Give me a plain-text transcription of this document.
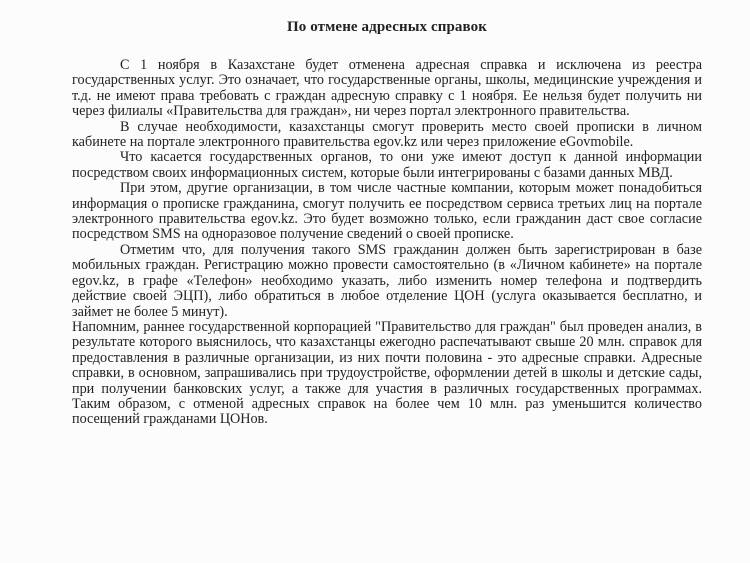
По отмене адресных справок

С 1 ноября в Казахстане будет отменена адресная справка и исключена из реестра государственных услуг. Это означает, что государственные органы, школы, медицинские учреждения и т.д. не имеют права требовать с граждан адресную справку с 1 ноября. Ее нельзя будет получить ни через филиалы «Правительства для граждан», ни через портал электронного правительства.

В случае необходимости, казахстанцы смогут проверить место своей прописки в личном кабинете на портале электронного правительства egov.kz или через приложение eGovmobile.

Что касается государственных органов, то они уже имеют доступ к данной информации посредством своих информационных систем, которые были интегрированы с базами данных МВД.

При этом, другие организации, в том числе частные компании, которым может понадобиться информация о прописке гражданина, смогут получить ее посредством сервиса третьих лиц на портале электронного правительства egov.kz. Это будет возможно только, если гражданин даст свое согласие посредством SMS на одноразовое получение сведений о своей прописке.

Отметим что, для получения такого SMS гражданин должен быть зарегистрирован в базе мобильных граждан. Регистрацию можно провести самостоятельно (в «Личном кабинете» на портале egov.kz, в графе «Телефон» необходимо указать, либо изменить номер телефона и подтвердить действие своей ЭЦП), либо обратиться в любое отделение ЦОН (услуга оказывается бесплатно, и займет не более 5 минут).

Напомним, раннее государственной корпорацией "Правительство для граждан" был проведен анализ, в результате которого выяснилось, что казахстанцы ежегодно распечатывают свыше 20 млн. справок для предоставления в различные организации, из них почти половина - это адресные справки. Адресные справки, в основном, запрашивались при трудоустройстве, оформлении детей в школы и детские сады, при получении банковских услуг, а также для участия в различных государственных программах. Таким образом, с отменой адресных справок на более чем 10 млн. раз уменьшится количество посещений гражданами ЦОНов.
